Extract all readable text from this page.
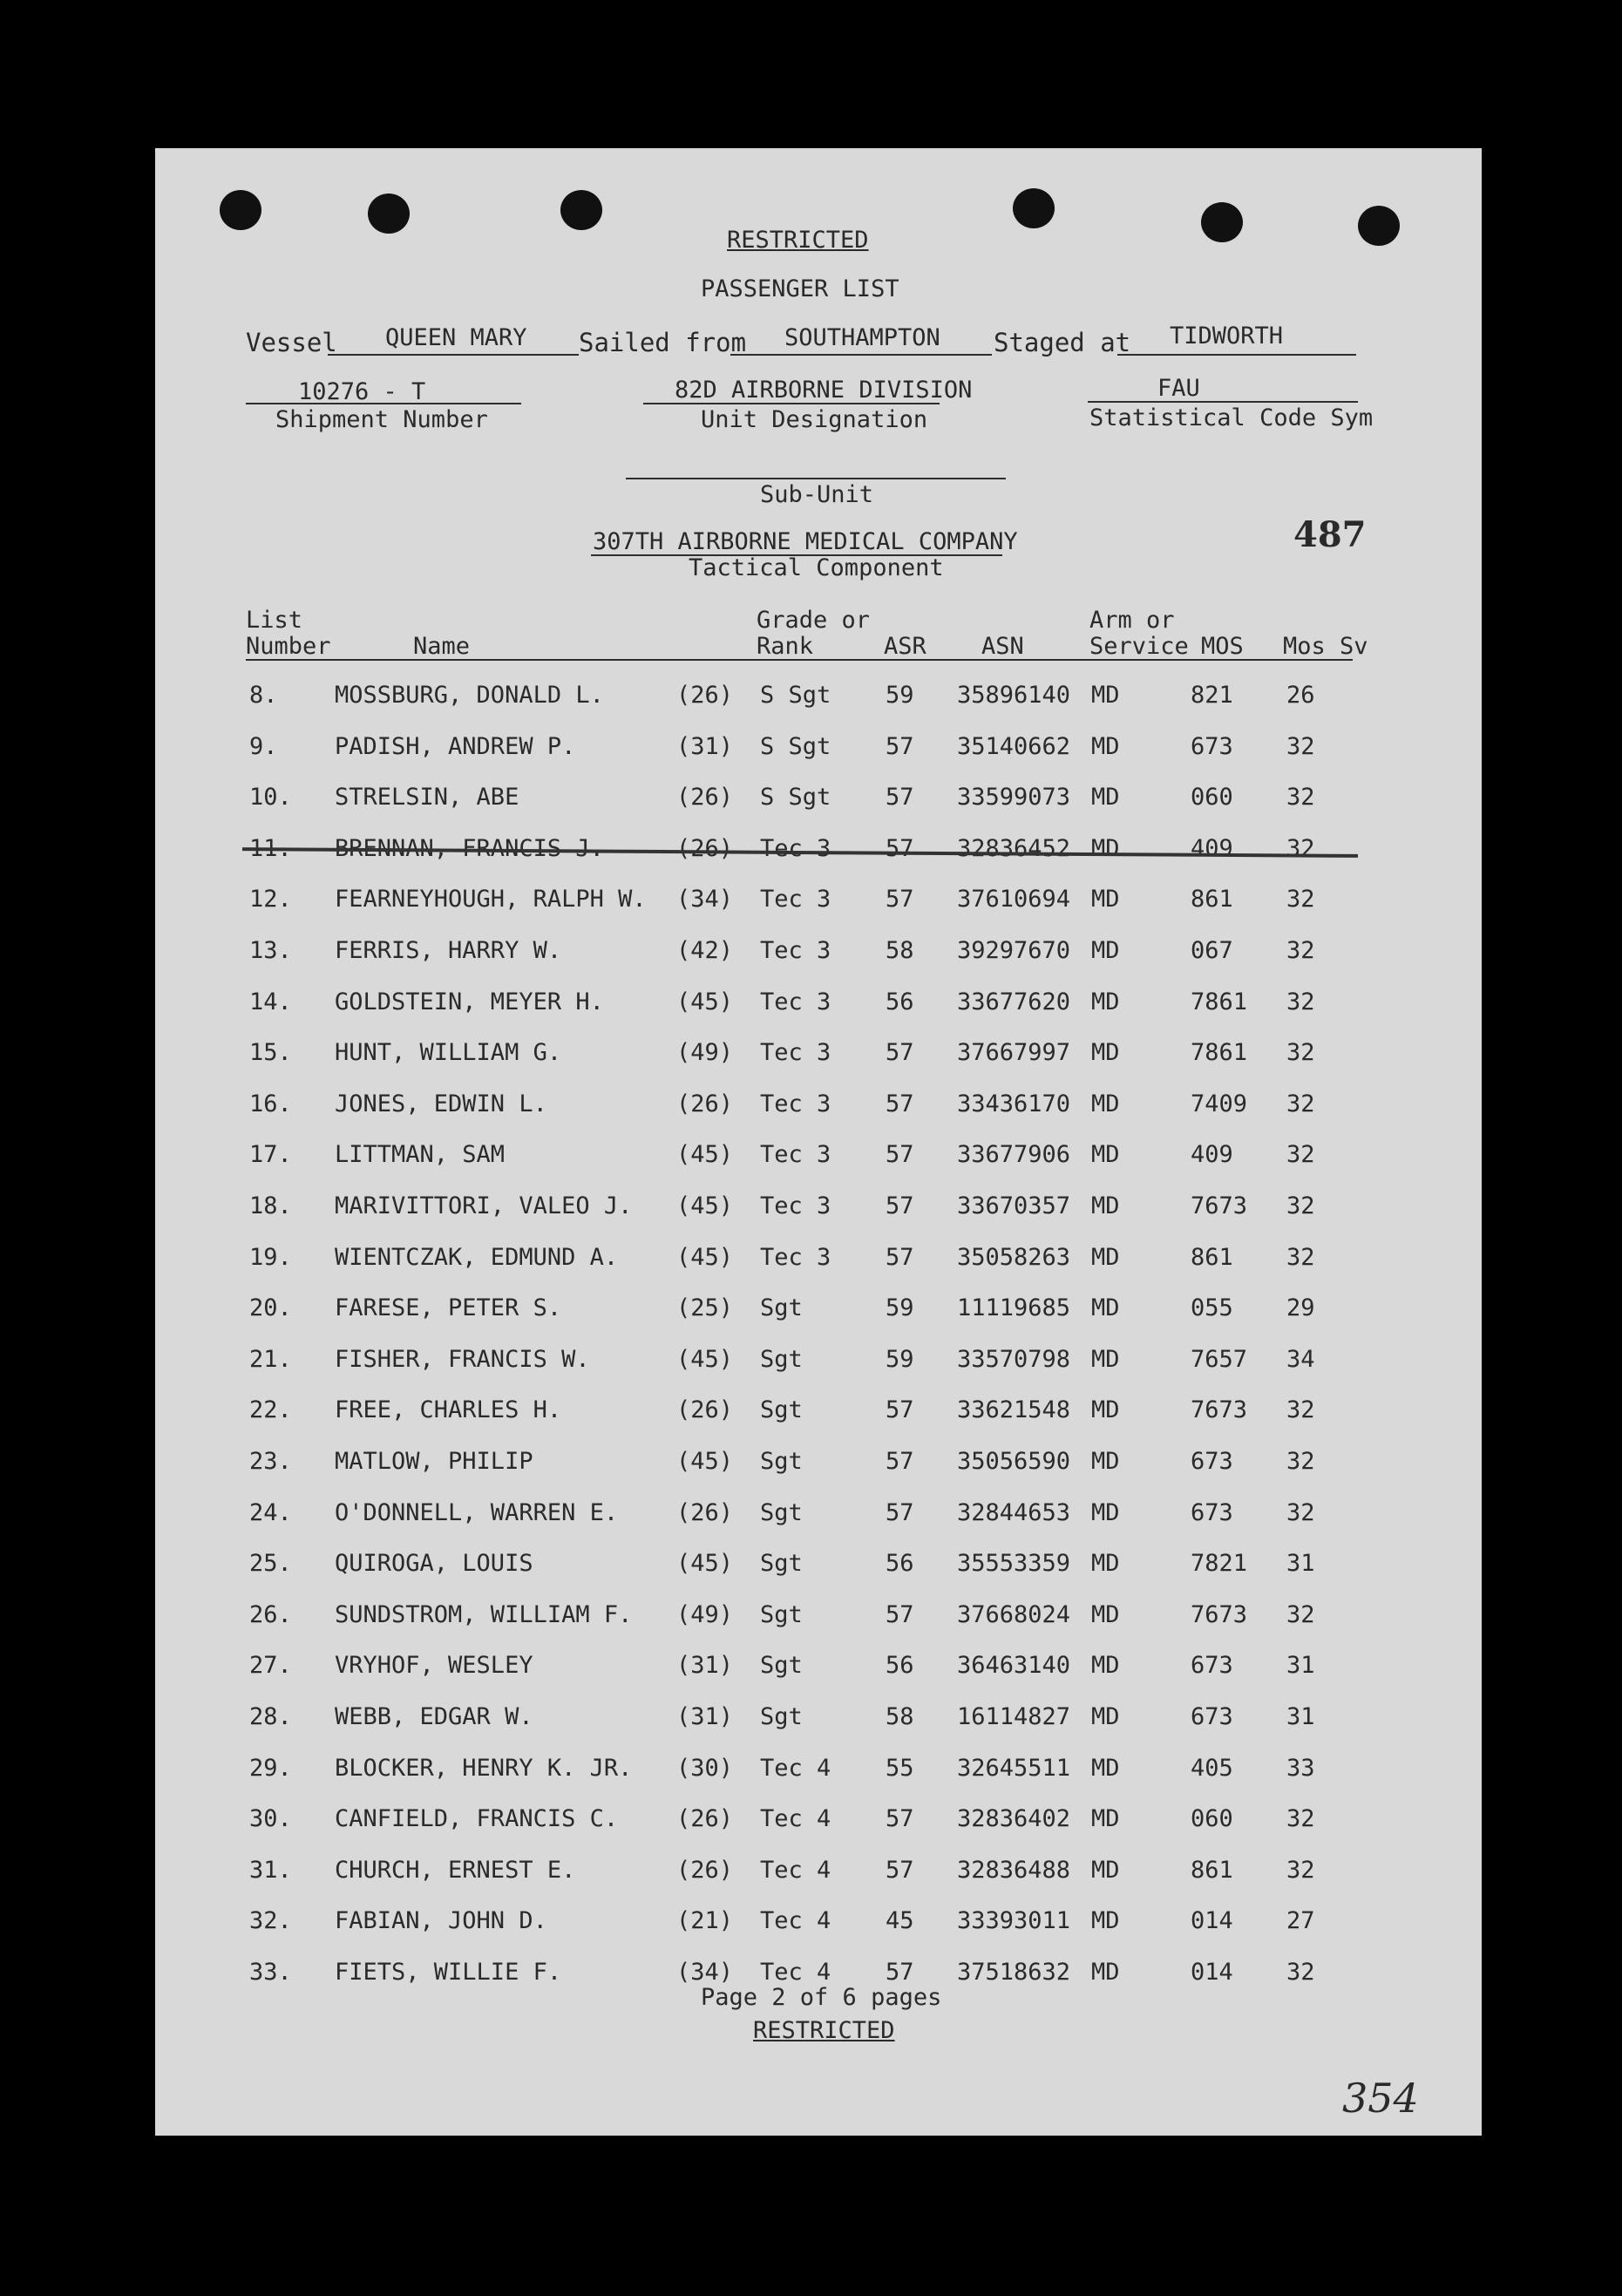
RESTRICTED
PASSENGER LIST
Vessel QUEEN MARY Sailed from SOUTHAMPTON Staged at TIDWORTH
10276 - T
Shipment Number
82D AIRBORNE DIVISION
Unit Designation
FAU
Statistical Code Sym
Sub-Unit
307TH AIRBORNE MEDICAL COMPANY
Tactical Component
487
List
Number	Name
Grade or
Rank	ASR ASN
Arm or
Service MOS Mos Sv
8. MOSSBURG, DONALD L.	(26) S Sgt 59 35896140 MD	821 26
9. PADISH, ANDREW P.	(31) S Sgt 57 35140662 MD	673 32
10. STRELSIN, ABE	(26) S Sgt 57 33599073 MD	060 32
11. BRENNAN, FRANCIS J.	(26) Tec 3 57 32836452 MD	409 32
12. FEARNEYHOUGH, RALPH W. (34) Tec 3 57 37610694 MD	861 32
13. FERRIS, HARRY W.	(42) Tec 3 58 39297670 MD	067 32
14. GOLDSTEIN, MEYER H.	(45) Tec 3 56 33677620 MD	7861 32
15. HUNT, WILLIAM G.	(49) Tec 3 57 37667997 MD	7861 32
16. JONES, EDWIN L.	(26) Tec 3 57 33436170 MD	7409 32
17. LITTMAN, SAM	(45) Tec 3 57 33677906 MD	409 32
18. MARIVITTORI, VALEO J. (45) Tec 3 57 33670357 MD	7673 32
19. WIENTCZAK, EDMUND A. (45) Tec 3 57 35058263 MD	861 32
20. FARESE, PETER S.	(25) Sgt	59 11119685 MD	055 29
21. FISHER, FRANCIS W.	(45) Sgt	59 33570798 MD	7657 34
22. FREE, CHARLES H.	(26) Sgt	57 33621548 MD	7673 32
23. MATLOW, PHILIP	(45) Sgt	57 35056590 MD	673 32
24. O'DONNELL, WARREN E. (26) Sgt	57 32844653 MD	673 32
25. QUIROGA, LOUIS	(45) Sgt	56 35553359 MD	7821 31
26. SUNDSTROM, WILLIAM F. (49) Sgt	57 37668024 MD	7673 32
27. VRYHOF, WESLEY	(31) Sgt	56 36463140 MD	673 31
28. WEBB, EDGAR W.	(31) Sgt	58 16114827 MD	673 31
29. BLOCKER, HENRY K. JR. (30) Tec 4 55 32645511 MD	405 33
30. CANFIELD, FRANCIS C. (26) Tec 4 57 32836402 MD	060 32
31. CHURCH, ERNEST E.	(26) Tec 4 57 32836488 MD	861 32
32. FABIAN, JOHN D.	(21) Tec 4 45 33393011 MD	014 27
33. FIETS, WILLIE F.	(34) Tec 4 57 37518632 MD	014 32
Page 2 of 6 pages
RESTRICTED
354
